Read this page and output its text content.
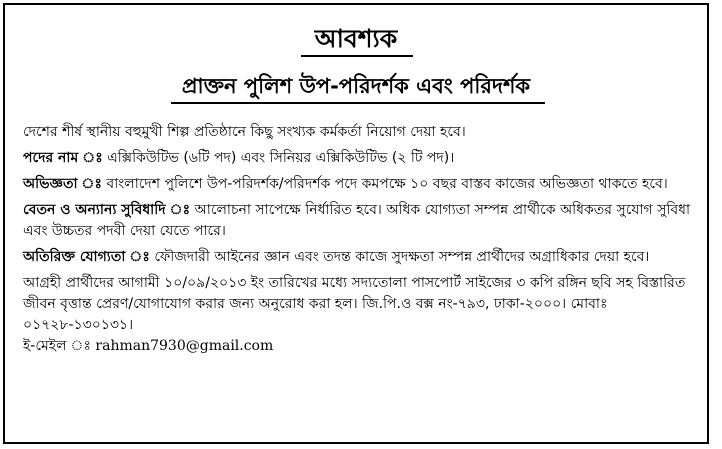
আবশ্যক
প্রাক্তন পুলিশ উপ-পরিদর্শক এবং পরিদর্শক

দেশের শীর্ষ স্থানীয় বহুমুখী শিল্প প্রতিষ্ঠানে কিছু সংখ্যক কর্মকর্তা নিয়োগ দেয়া হবে।

পদের নাম ঃ এক্সিকিউটিভ (৬টি পদ) এবং সিনিয়র এক্সিকিউটিভ (২ টি পদ)।

অভিজ্ঞতা ঃ বাংলাদেশ পুলিশে উপ-পরিদর্শক/পরিদর্শক পদে কমপক্ষে ১০ বছর বাস্তব কাজের অভিজ্ঞতা থাকতে হবে।

বেতন ও অন্যান্য সুবিধাদি ঃ আলোচনা সাপেক্ষে নির্ধারিত হবে। অধিক যোগ্যতা সম্পন্ন প্রার্থীকে অধিকতর সুযোগ সুবিধা এবং উচ্চতর পদবী দেয়া যেতে পারে।

অতিরিক্ত যোগ্যতা ঃ ফৌজদারী আইনের জ্ঞান এবং তদন্ত কাজে সুদক্ষতা সম্পন্ন প্রার্থীদের অগ্রাধিকার দেয়া হবে।

আগ্রহী প্রার্থীদের আগামী ১০/০৯/২০১৩ ইং তারিখের মধ্যে সদ্যতোলা পাসপোর্ট সাইজের ৩ কপি রঙ্গিন ছবি সহ বিস্তারিত জীবন বৃত্তান্ত প্রেরণ/যোগাযোগ করার জন্য অনুরোধ করা হল। জি.পি.ও বক্স নং-৭৯৩, ঢাকা-২০০০। মোবাঃ ০১৭২৮-১৩০১৩১।
ই-মেইল ঃ rahman7930@gmail.com
